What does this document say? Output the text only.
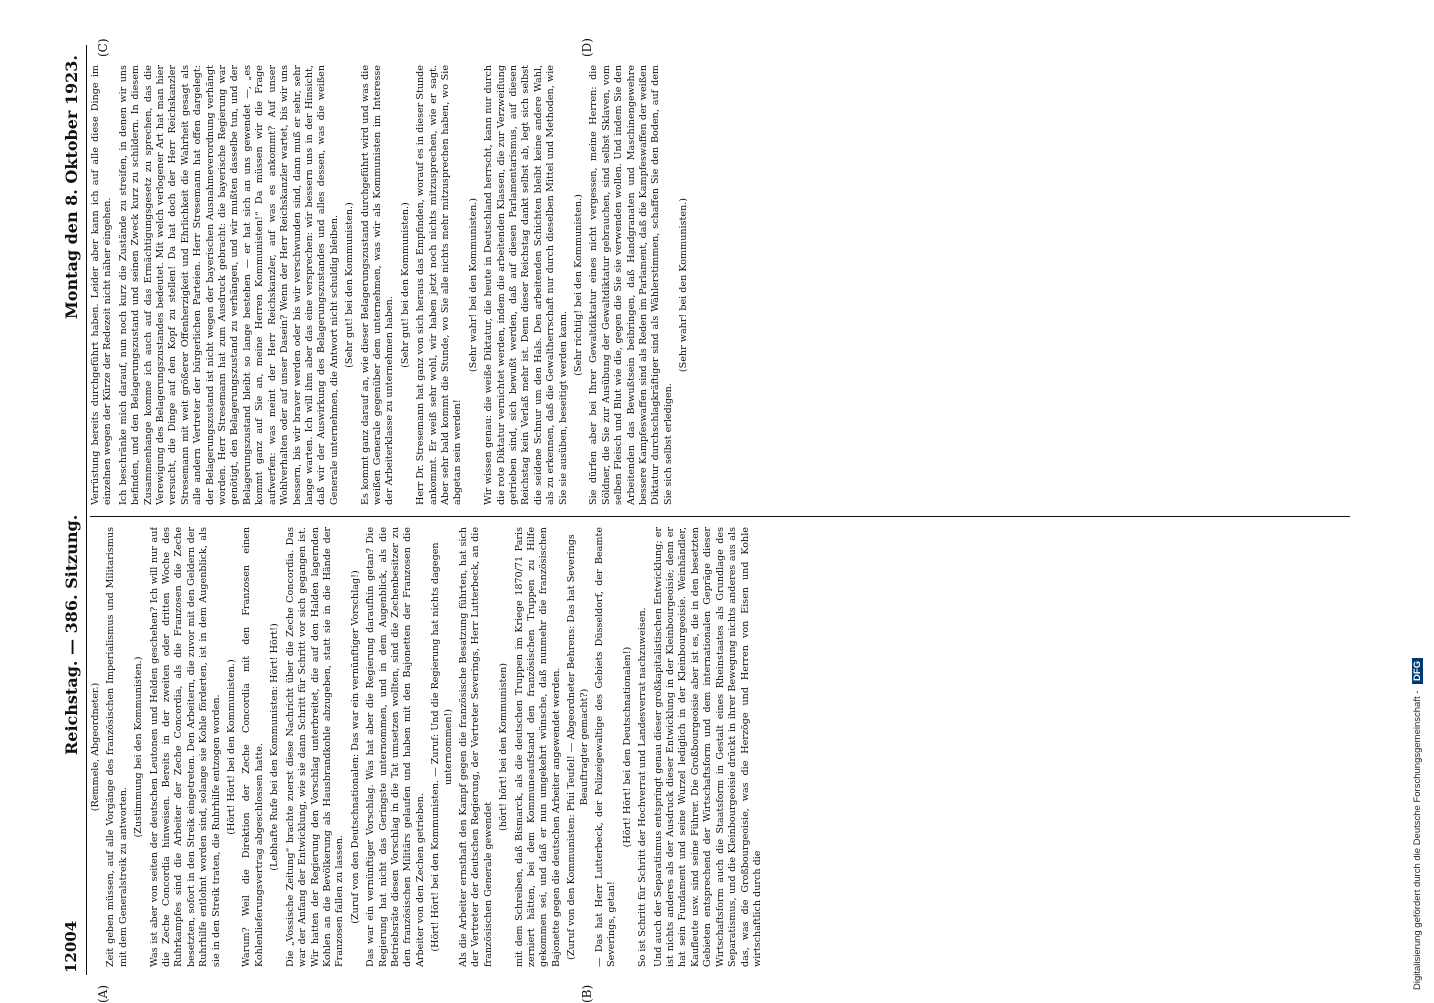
12004
Reichstag. — 386. Sitzung.
Montag den 8. Oktober 1923.

(Remmele, Abgeordneter.) Zeit geben müssen, auf alle Vorgänge des französischen Imperialismus und Militarismus mit dem Generalstreik zu antworten.

(Zustimmung bei den Kommunisten.) Was ist aber von seiten der deutschen Leutonen und Helden geschehen? Ich will nur auf die Zeche Concordia hinweisen. Bereits in der zweiten oder dritten Woche des Ruhrkampfes sind die Arbeiter der Zeche Concordia, als die Franzosen die Zeche besetzten, sofort in den Streik eingetreten. Den Arbeitern, die zuvor mit den Geldern der Ruhrhilfe entlohnt worden sind, solange sie Kohle förderten, ist in dem Augenblick, als sie in den Streik traten, die Ruhrhilfe entzogen worden. (Hört! Hört! bei den Kommunisten.) Warum? Weil die Direktion der Zeche Concordia mit den Franzosen einen Kohlenlieferungsvertrag abgeschlossen hatte. (Lebhafte Rufe bei den Kommunisten: Hört! Hört!) Die „Vossische Zeitung“ brachte zuerst diese Nachricht über die Zeche Concordia. Das war der Anfang der Entwicklung, wie sie dann Schritt für Schritt vor sich gegangen ist. Wir hatten der Regierung den Vorschlag unterbreitet, die auf den Halden lagernden Kohlen an die Bevölkerung als Hausbrandkohle abzugeben, statt sie in die Hände der Franzosen fallen zu lassen. (Zuruf von den Deutschnationalen: Das war ein vernünftiger Vorschlag!) Das war ein vernünftiger Vorschlag. Was hat aber die Regierung daraufhin getan? Die Regierung hat nicht das Geringste unternommen, und in dem Augenblick, als die Betriebsräte diesen Vorschlag in die Tat umsetzen wollten, sind die Zechenbesitzer zu den französischen Militärs gelaufen und haben mit den Bajonetten der Franzosen die Arbeiter von den Zechen getrieben. (Hört! Hört! bei den Kommunisten. — Zuruf: Und die Regierung hat nichts dagegen unternommen!) Als die Arbeiter ernsthaft den Kampf gegen die französische Besatzung führten, hat sich der Vertreter der deutschen Regierung, der Vertreter Severings, Herr Lutterbeck, an die französischen Generale gewendet

(hört! hört! bei den Kommunisten) mit dem Schreiben, daß Bismarck, als die deutschen Truppen im Kriege 1870/71 Paris zerniert hätten, bei dem Kommuneaufstand den französischen Truppen zu Hilfe gekommen sei, und daß er nun umgekehrt wünsche, daß nunmehr die französischen Bajonette gegen die deutschen Arbeiter angewendet werden. (Zuruf von den Kommunisten: Pfui Teufel! — Abgeordneter Behrens: Das hat Severings Beauftragter gemacht?) — Das hat Herr Lutterbeck, der Polizeigewaltige des Gebiets Düsseldorf, der Beamte Severings, getan!

(Hört! Hört! bei den Deutschnationalen!) So ist Schritt für Schritt der Hochverrat und Landesverrat nachzuweisen. Und auch der Separatismus entspringt genau dieser großkapitalistischen Entwicklung; er ist nichts anderes als der Ausdruck dieser Entwicklung in der Kleinbourgeoisie; denn er hat sein Fundament und seine Wurzel lediglich in der Kleinbourgeoisie. Weinhändler, Kaufleute usw. sind seine Führer. Die Großbourgeoisie aber ist es, die in den besetzten Gebieten entsprechend der Wirtschaftsform und dem internationalen Gepräge dieser Wirtschaftsform auch die Staatsform in Gestalt eines Rheinstaates als Grundlage des Separatismus, und die Kleinbourgeoisie drückt in ihrer Bewegung nichts anderes aus als das, was die Großbourgeoisie, was die Herzöge und Herren von Eisen und Kohle wirtschaftlich durch die

Verrüstung bereits durchgeführt haben. Leider aber kann ich auf alle diese Dinge im einzelnen wegen der Kürze der Redezeit nicht näher eingehen. Ich beschränke mich darauf, nun noch kurz die Zustände zu streifen, in denen wir uns befinden, und den Belagerungszustand und seinen Zweck kurz zu schildern. In diesem Zusammenhange komme ich auch auf das Ermächtigungsgesetz zu sprechen, das die Verewigung des Belagerungszustandes bedeutet. Mit welch verlogener Art hat man hier versucht, die Dinge auf den Kopf zu stellen! Da hat doch der Herr Reichskanzler Stresemann mit weit größerer Offenherzigkeit und Ehrlichkeit die Wahrheit gesagt als alle andern Vertreter der bürgerlichen Parteien. Herr Stresemann hat offen dargelegt: der Belagerungszustand ist nicht wegen der bayerischen Ausnahmeverordnung verhängt worden. Herr Stresemann hat zum Ausdruck gebracht: die bayerische Regierung war genötigt, den Belagerungszustand zu verhängen, und wir mußten dasselbe tun, und der Belagerungszustand bleibt so lange bestehen — er hat sich an uns gewendet —, „es kommt ganz auf Sie an, meine Herren Kommunisten!“ Da müssen wir die Frage aufwerfen: was meint der Herr Reichskanzler, auf was es ankommt? Auf unser Wohlverhalten oder auf unser Dasein? Wenn der Herr Reichskanzler wartet, bis wir uns bessern, bis wir braver werden oder bis wir verschwunden sind, dann muß er sehr, sehr lange warten. Ich will ihm aber das eine versprechen: wir bessern uns in der Hinsicht, daß wir der Auswirkung des Belagerungszustandes und alles dessen, was die weißen Generale unternehmen, die Antwort nicht schuldig bleiben. (Sehr gut! bei den Kommunisten.) Es kommt ganz darauf an, wie dieser Belagerungszustand durchgeführt wird und was die weißen Generale gegenüber dem unternehmen, was wir als Kommunisten im Interesse der Arbeiterklasse zu unternehmen haben.

(Sehr gut! bei den Kommunisten.) Herr Dr. Stresemann hat ganz von sich heraus das Empfinden, worauf es in dieser Stunde ankommt. Er weiß sehr wohl, wir haben jetzt noch nichts mitzusprechen, wie er sagt. Aber sehr bald kommt die Stunde, wo Sie alle nichts mehr mitzusprechen haben, wo Sie abgetan sein werden!

(Sehr wahr! bei den Kommunisten.) Wir wissen genau: die weiße Diktatur, die heute in Deutschland herrscht, kann nur durch die rote Diktatur vernichtet werden, indem die arbeitenden Klassen, die zur Verzweiflung getrieben sind, sich bewußt werden, daß auf diesen Parlamentarismus, auf diesen Reichstag kein Verlaß mehr ist. Denn dieser Reichstag dankt selbst ab, legt sich selbst die seidene Schnur um den Hals. Den arbeitenden Schichten bleibt keine andere Wahl, als zu erkennen, daß die Gewaltherrschaft nur durch dieselben Mittel und Methoden, wie Sie sie ausüben, beseitigt werden kann.

(Sehr richtig! bei den Kommunisten.) Sie dürfen aber bei Ihrer Gewaltdiktatur eines nicht vergessen, meine Herren: die Söldner, die Sie zur Ausübung der Gewaltdiktatur gebrauchen, sind selbst Sklaven, vom selben Fleisch und Blut wie die, gegen die Sie sie verwenden wollen. Und indem Sie den Arbeitenden das Bewußtsein beibringen, daß Handgranaten und Maschinengewehre bessere Kampfeswaffen sind als Reden im Parlament, daß die Kampfeswaffen der weißen Diktatur durchschlagkräftiger sind als Wählerstimmen, schaffen Sie den Boden, auf dem Sie sich selbst erledigen.

(Sehr wahr! bei den Kommunisten.)

(A)	(B)
(C)	(D)
Digitalisierung gefördert durch die Deutsche Forschungsgemeinschaft - DFG
